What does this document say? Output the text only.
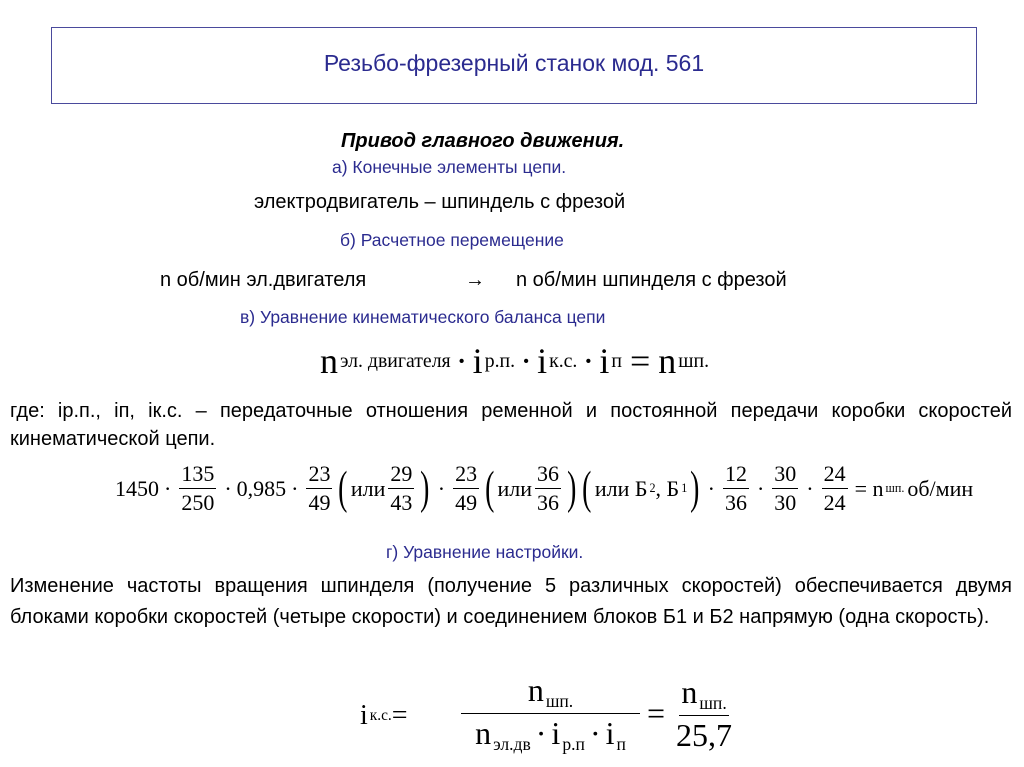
Резьбо-фрезерный станок мод. 561
Привод главного движения.
а) Конечные элементы цепи.
электродвигатель – шпиндель с фрезой
б) Расчетное перемещение
n об/мин эл.двигателя	→ n об/мин шпинделя с фрезой
в) Уравнение кинематического баланса цепи
n эл. двигателя · i р.п. · i к.с. · i п = n шп.
где: iр.п., iп, iк.с. – передаточные отношения ременной и постоянной передачи коробки скоростей кинематической цепи.
$1450 \cdot \frac{135}{250} \cdot 0,985 \cdot \frac{23}{49}$ ( или $\frac{29}{43}$ ) · $\frac{23}{49}$ ( или $\frac{36}{36}$ ) ( или Б 2 , Б 1 ) · $\frac{12}{36} \cdot \frac{30}{30} \cdot \frac{24}{24} = n$ шп. об/мин
г) Уравнение настройки.
Изменение частоты вращения шпинделя (получение 5 различных скоростей) обеспечивается двумя блоками коробки скоростей (четыре скорости) и соединением блоков Б1 и Б2 напрямую (одна скорость).
i к.с. = $\frac{n _{шп.}}{n _{эл.дв} \cdot i _{р.п} \cdot i _п} = \frac{n _{шп.}}{25,7}$
